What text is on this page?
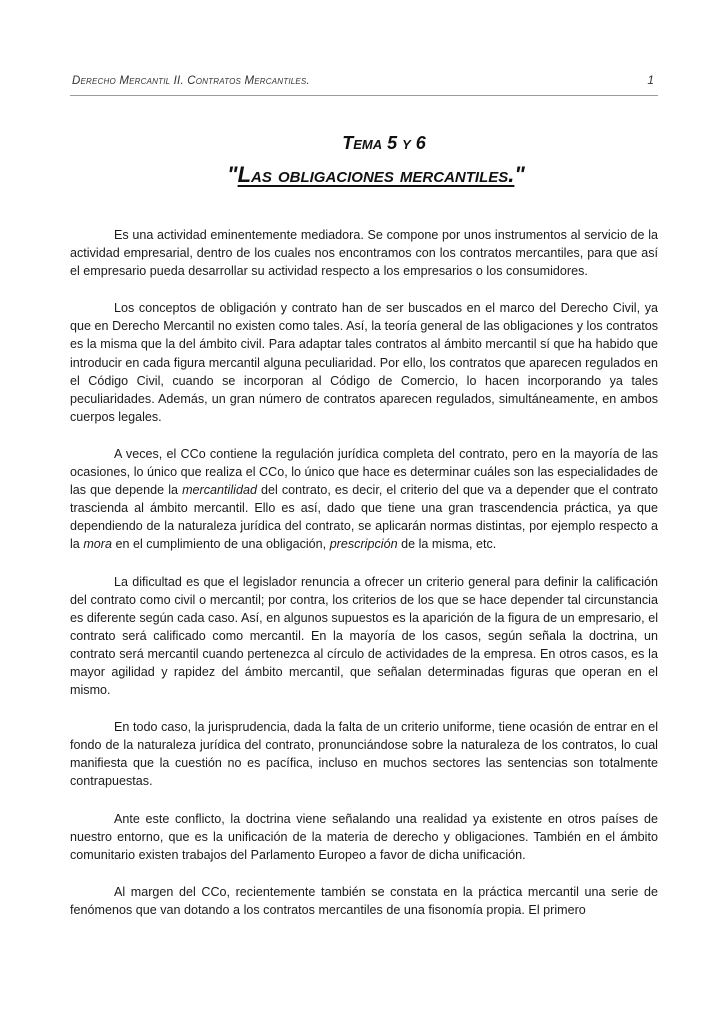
Derecho Mercantil II. Contratos Mercantiles.	1
Tema 5 y 6
"Las obligaciones mercantiles."

Es una actividad eminentemente mediadora. Se compone por unos instrumentos al servicio de la actividad empresarial, dentro de los cuales nos encontramos con los contratos mercantiles, para que así el empresario pueda desarrollar su actividad respecto a los empresarios o los consumidores.

Los conceptos de obligación y contrato han de ser buscados en el marco del Derecho Civil, ya que en Derecho Mercantil no existen como tales. Así, la teoría general de las obligaciones y los contratos es la misma que la del ámbito civil. Para adaptar tales contratos al ámbito mercantil sí que ha habido que introducir en cada figura mercantil alguna peculiaridad. Por ello, los contratos que aparecen regulados en el Código Civil, cuando se incorporan al Código de Comercio, lo hacen incorporando ya tales peculiaridades. Además, un gran número de contratos aparecen regulados, simultáneamente, en ambos cuerpos legales.

A veces, el CCo contiene la regulación jurídica completa del contrato, pero en la mayoría de las ocasiones, lo único que realiza el CCo, lo único que hace es determinar cuáles son las especialidades de las que depende la mercantilidad del contrato, es decir, el criterio del que va a depender que el contrato trascienda al ámbito mercantil. Ello es así, dado que tiene una gran trascendencia práctica, ya que dependiendo de la naturaleza jurídica del contrato, se aplicarán normas distintas, por ejemplo respecto a la mora en el cumplimiento de una obligación, prescripción de la misma, etc.

La dificultad es que el legislador renuncia a ofrecer un criterio general para definir la calificación del contrato como civil o mercantil; por contra, los criterios de los que se hace depender tal circunstancia es diferente según cada caso. Así, en algunos supuestos es la aparición de la figura de un empresario, el contrato será calificado como mercantil. En la mayoría de los casos, según señala la doctrina, un contrato será mercantil cuando pertenezca al círculo de actividades de la empresa. En otros casos, es la mayor agilidad y rapidez del ámbito mercantil, que señalan determinadas figuras que operan en el mismo.

En todo caso, la jurisprudencia, dada la falta de un criterio uniforme, tiene ocasión de entrar en el fondo de la naturaleza jurídica del contrato, pronunciándose sobre la naturaleza de los contratos, lo cual manifiesta que la cuestión no es pacífica, incluso en muchos sectores las sentencias son totalmente contrapuestas.

Ante este conflicto, la doctrina viene señalando una realidad ya existente en otros países de nuestro entorno, que es la unificación de la materia de derecho y obligaciones. También en el ámbito comunitario existen trabajos del Parlamento Europeo a favor de dicha unificación.

Al margen del CCo, recientemente también se constata en la práctica mercantil una serie de fenómenos que van dotando a los contratos mercantiles de una fisonomía propia. El primero
